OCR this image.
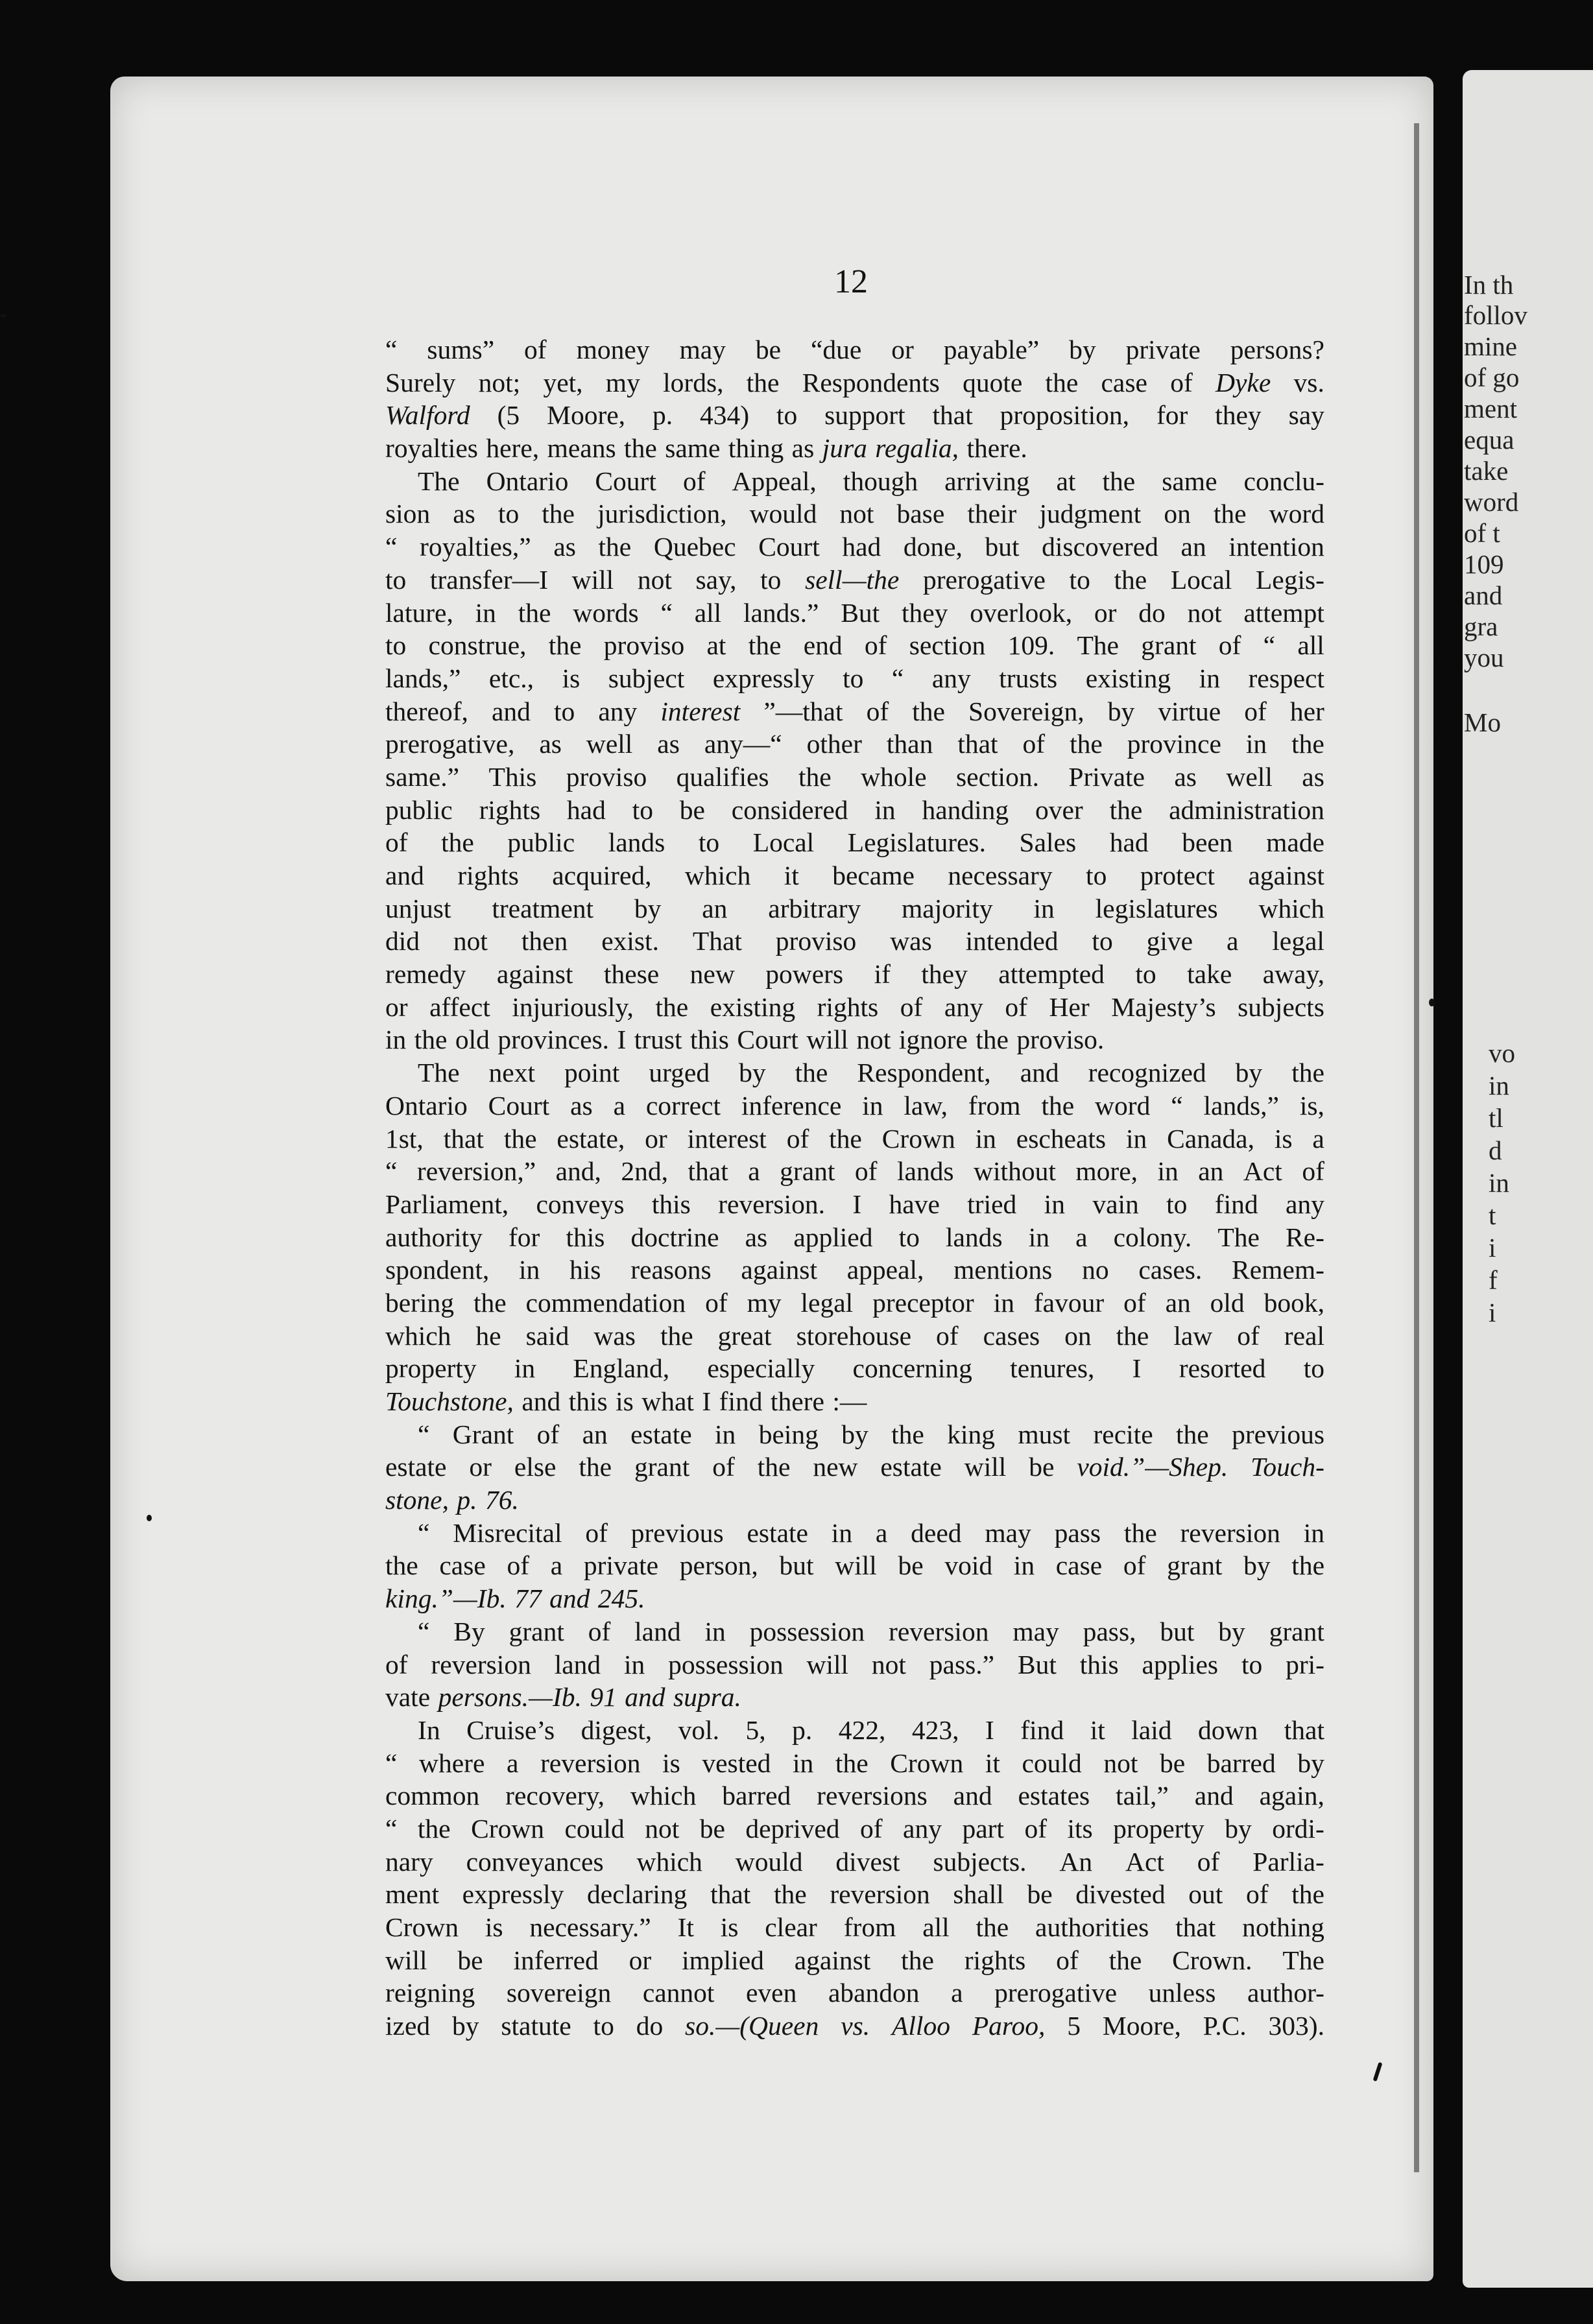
In th
follov
mine
of go
ment
equa
take
word
of t
109
and
gra
you
Mo
vo
in
tl
d
in
t
i
f
i
12
“ sums” of money may be “due or payable” by private persons?
Surely not; yet, my lords, the Respondents quote the case of Dyke vs.
Walford (5 Moore, p. 434) to support that proposition, for they say
royalties here, means the same thing as jura regalia, there.
The Ontario Court of Appeal, though arriving at the same conclu-
sion as to the jurisdiction, would not base their judgment on the word
“ royalties,” as the Quebec Court had done, but discovered an intention
to transfer—I will not say, to sell—the prerogative to the Local Legis-
lature, in the words “ all lands.” But they overlook, or do not attempt
to construe, the proviso at the end of section 109. The grant of “ all
lands,” etc., is subject expressly to “ any trusts existing in respect
thereof, and to any interest ”—that of the Sovereign, by virtue of her
prerogative, as well as any—“ other than that of the province in the
same.” This proviso qualifies the whole section. Private as well as
public rights had to be considered in handing over the administration
of the public lands to Local Legislatures. Sales had been made
and rights acquired, which it became necessary to protect against
unjust treatment by an arbitrary majority in legislatures which
did not then exist. That proviso was intended to give a legal
remedy against these new powers if they attempted to take away,
or affect injuriously, the existing rights of any of Her Majesty’s subjects
in the old provinces. I trust this Court will not ignore the proviso.
The next point urged by the Respondent, and recognized by the
Ontario Court as a correct inference in law, from the word “ lands,” is,
1st, that the estate, or interest of the Crown in escheats in Canada, is a
“ reversion,” and, 2nd, that a grant of lands without more, in an Act of
Parliament, conveys this reversion. I have tried in vain to find any
authority for this doctrine as applied to lands in a colony. The Re-
spondent, in his reasons against appeal, mentions no cases. Remem-
bering the commendation of my legal preceptor in favour of an old book,
which he said was the great storehouse of cases on the law of real
property in England, especially concerning tenures, I resorted to
Touchstone, and this is what I find there :—
“ Grant of an estate in being by the king must recite the previous
estate or else the grant of the new estate will be void.”—Shep. Touch-
stone, p. 76.
“ Misrecital of previous estate in a deed may pass the reversion in
the case of a private person, but will be void in case of grant by the
king.”—Ib. 77 and 245.
“ By grant of land in possession reversion may pass, but by grant
of reversion land in possession will not pass.” But this applies to pri-
vate persons.—Ib. 91 and supra.
In Cruise’s digest, vol. 5, p. 422, 423, I find it laid down that
“ where a reversion is vested in the Crown it could not be barred by
common recovery, which barred reversions and estates tail,” and again,
“ the Crown could not be deprived of any part of its property by ordi-
nary conveyances which would divest subjects. An Act of Parlia-
ment expressly declaring that the reversion shall be divested out of the
Crown is necessary.” It is clear from all the authorities that nothing
will be inferred or implied against the rights of the Crown. The
reigning sovereign cannot even abandon a prerogative unless author-
ized by statute to do so.—(Queen vs. Alloo Paroo, 5 Moore, P.C. 303).
